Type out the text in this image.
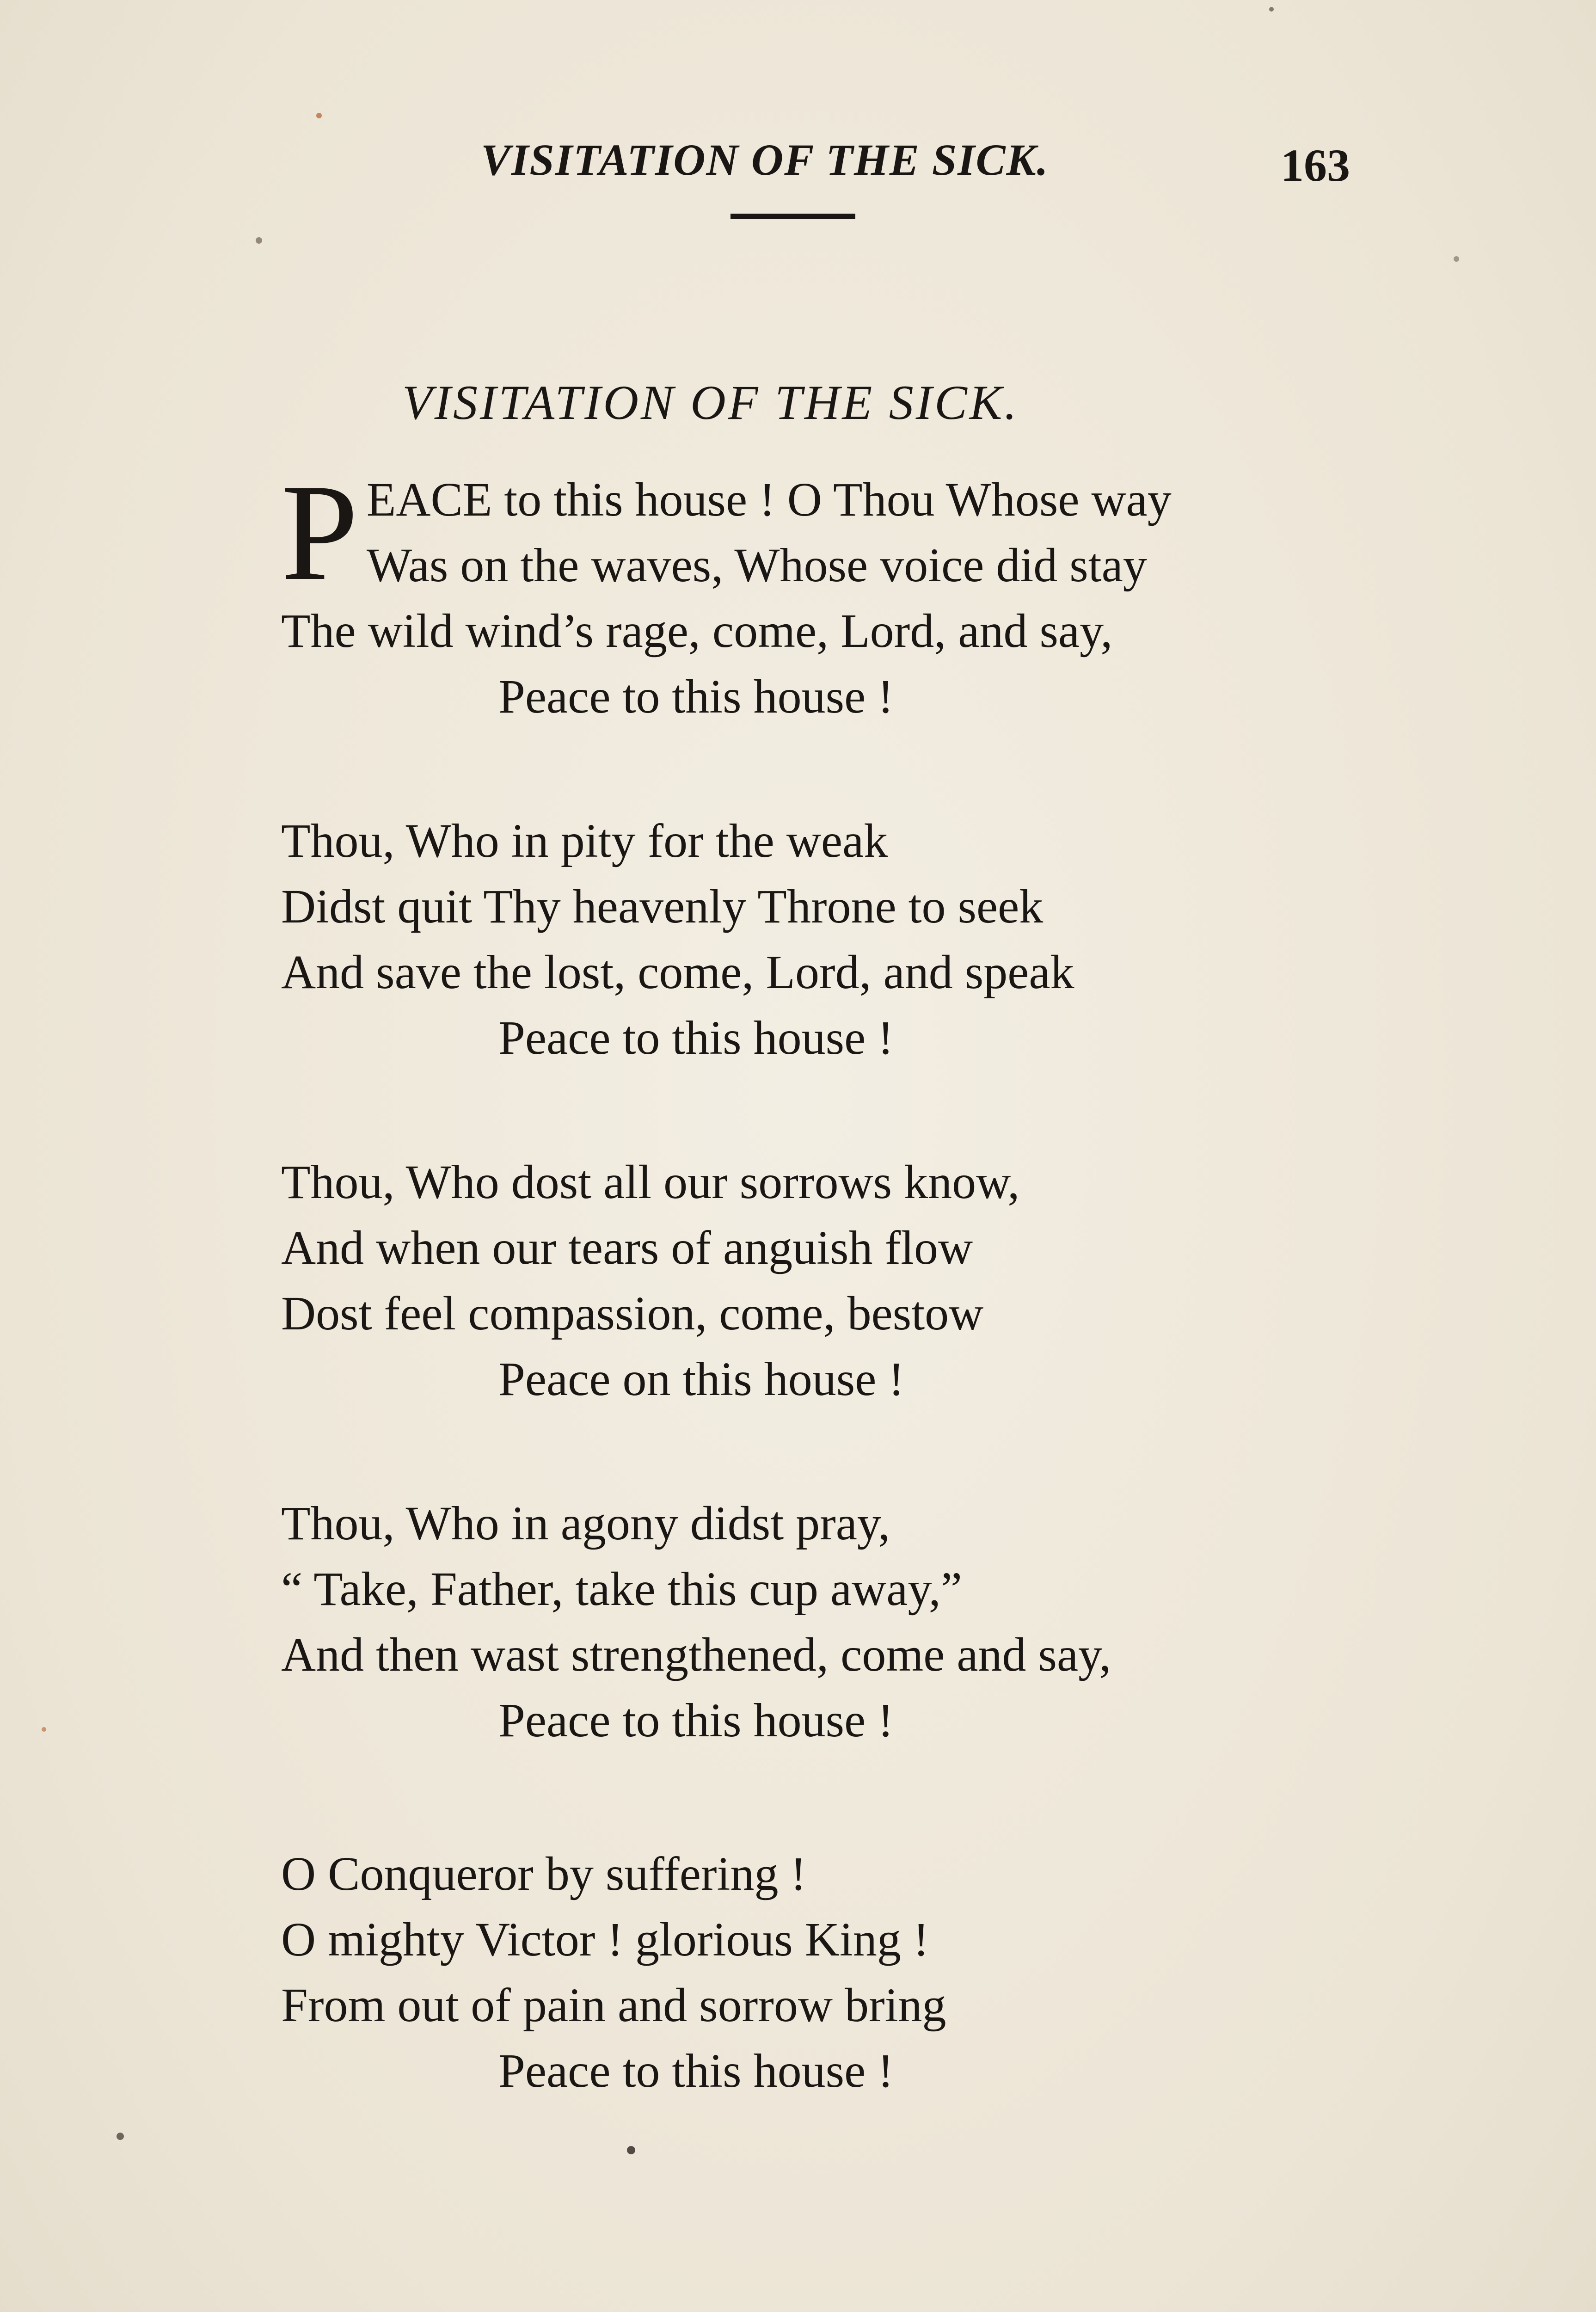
VISITATION OF THE SICK.	163
VISITATION OF THE SICK.
P EACE to this house ! O Thou Whose way
Was on the waves, Whose voice did stay
The wild wind’s rage, come, Lord, and say,
Peace to this house !
Thou, Who in pity for the weak
Didst quit Thy heavenly Throne to seek
And save the lost, come, Lord, and speak
Peace to this house !
Thou, Who dost all our sorrows know,
And when our tears of anguish flow
Dost feel compassion, come, bestow
Peace on this house !
Thou, Who in agony didst pray,
“ Take, Father, take this cup away,”
And then wast strengthened, come and say,
Peace to this house !
O Conqueror by suffering !
O mighty Victor ! glorious King !
From out of pain and sorrow bring
Peace to this house !
